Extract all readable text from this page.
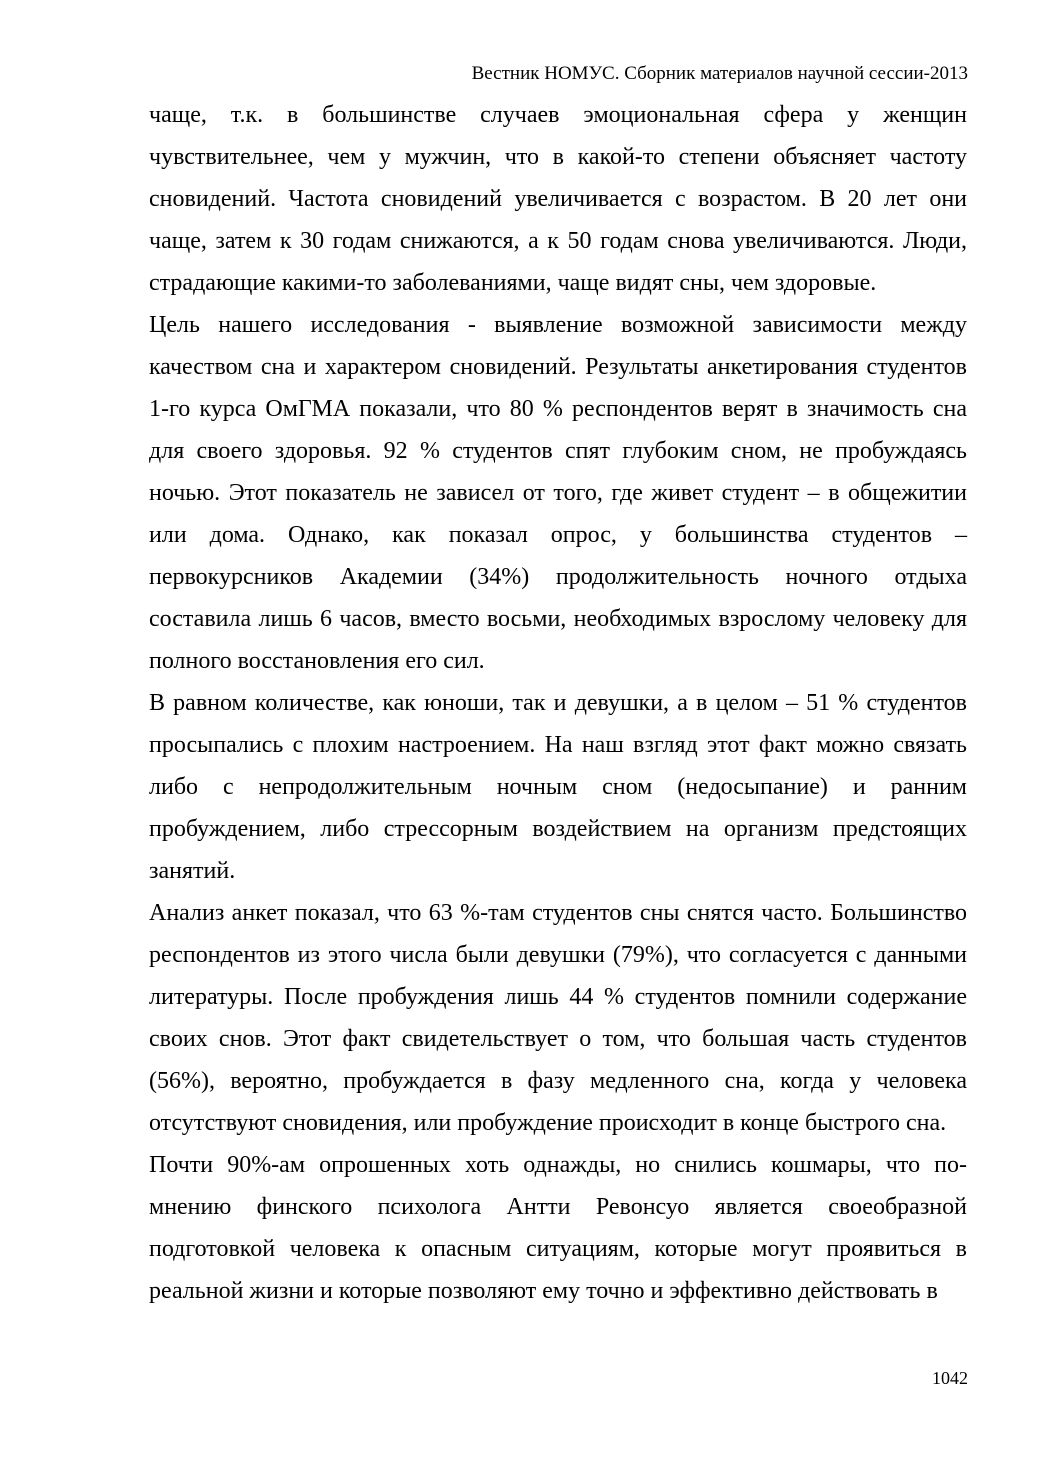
Вестник НОМУС. Сборник материалов научной сессии-2013

чаще, т.к. в большинстве случаев эмоциональная сфера у женщин чувствительнее, чем у мужчин, что в какой-то степени объясняет частоту сновидений. Частота сновидений увеличивается с возрастом. В 20 лет они чаще, затем к 30 годам снижаются, а к 50 годам снова увеличиваются. Люди, страдающие какими-то заболеваниями, чаще видят сны, чем здоровые.

Цель нашего исследования - выявление возможной зависимости между качеством сна и характером сновидений. Результаты анкетирования студентов 1-го курса ОмГМА показали, что 80 % респондентов верят в значимость сна для своего здоровья. 92 % студентов спят глубоким сном, не пробуждаясь ночью. Этот показатель не зависел от того, где живет студент – в общежитии или дома. Однако, как показал опрос, у большинства студентов – первокурсников Академии (34%) продолжительность ночного отдыха составила лишь 6 часов, вместо восьми, необходимых взрослому человеку для полного восстановления его сил.

В равном количестве, как юноши, так и девушки, а в целом – 51 % студентов просыпались с плохим настроением. На наш взгляд этот факт можно связать либо с непродолжительным ночным сном (недосыпание) и ранним пробуждением, либо стрессорным воздействием на организм предстоящих занятий.

Анализ анкет показал, что 63 %-там студентов сны снятся часто. Большинство респондентов из этого числа были девушки (79%), что согласуется с данными литературы. После пробуждения лишь 44 % студентов помнили содержание своих снов. Этот факт свидетельствует о том, что большая часть студентов (56%), вероятно, пробуждается в фазу медленного сна, когда у человека отсутствуют сновидения, или пробуждение происходит в конце быстрого сна.

Почти 90%-ам опрошенных хоть однажды, но снились кошмары, что по-мнению финского психолога Антти Ревонсуо является своеобразной подготовкой человека к опасным ситуациям, которые могут проявиться в реальной жизни и которые позволяют ему точно и эффективно действовать в

1042
